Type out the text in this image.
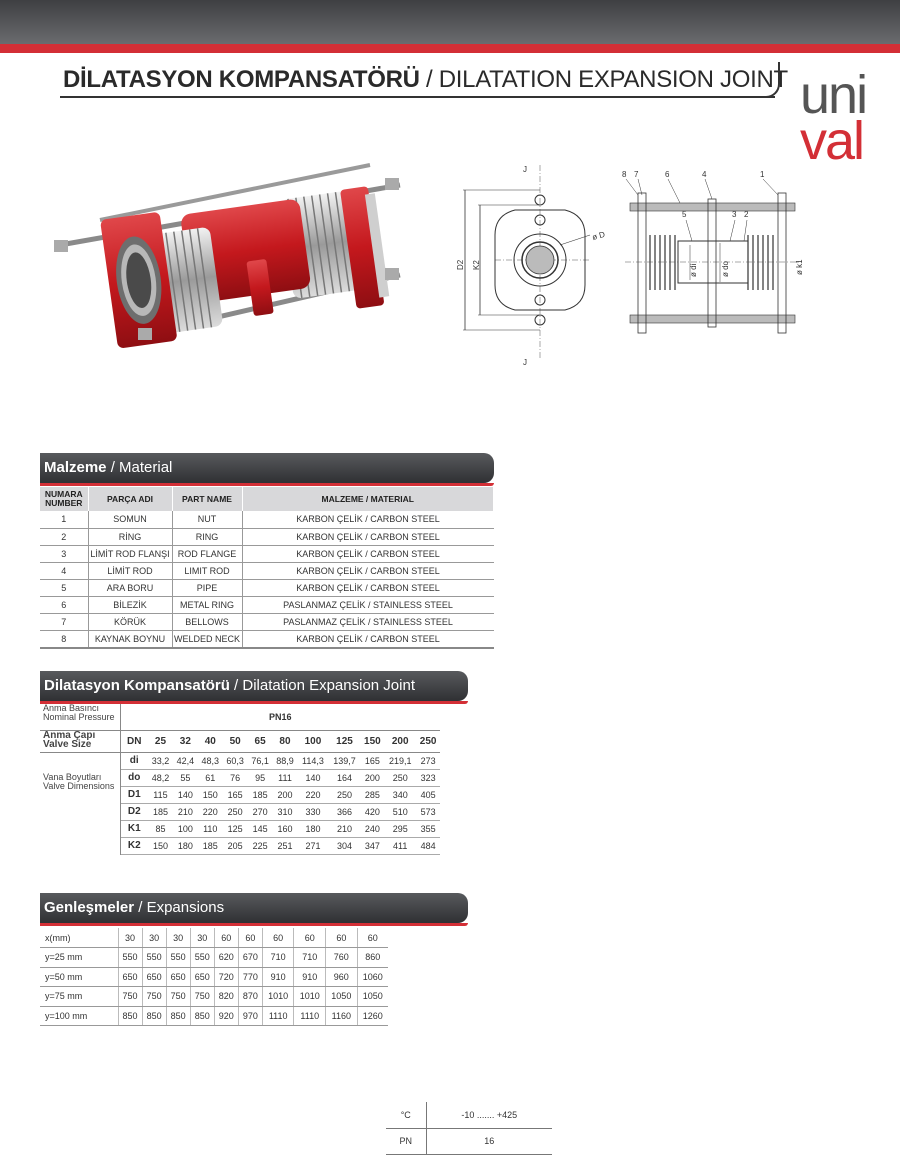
DİLATASYON KOMPANSATÖRÜ / DILATATION EXPANSION JOINT uni
val
ø D
D2 K2
J
J
ø di	ø do	ø k1
8 7	6	4	1
5	3 2
Malzeme / Material
NUMARA
NUMBER	PARÇA ADI	PART NAME	MALZEME / MATERIAL
1	SOMUN	NUT	KARBON ÇELİK / CARBON STEEL
2	RİNG	RING	KARBON ÇELİK / CARBON STEEL
3	LİMİT ROD FLANŞI	ROD FLANGE	KARBON ÇELİK / CARBON STEEL
4	LİMİT ROD	LIMIT ROD	KARBON ÇELİK / CARBON STEEL
5	ARA BORU	PIPE	KARBON ÇELİK / CARBON STEEL
6	BİLEZİK	METAL RING	PASLANMAZ ÇELİK / STAINLESS STEEL
7	KÖRÜK	BELLOWS	PASLANMAZ ÇELİK / STAINLESS STEEL
8	KAYNAK BOYNU	WELDED NECK	KARBON ÇELİK / CARBON STEEL
Dilatasyon Kompansatörü / Dilatation Expansion Joint
Anma Basıncı
Nominal Pressure	PN16											
Anma Çapı
Valve Size	DN	25	32	40	50	65	80	100	125	150	200	250
Vana Boyutları
Valve Dimensions	di	33,2	42,4	48,3	60,3	76,1	88,9	114,3	139,7	165	219,1	273
	do	48,2	55	61	76	95	111	140	164	200	250	323
	D1	115	140	150	165	185	200	220	250	285	340	405
	D2	185	210	220	250	270	310	330	366	420	510	573
	K1	85	100	110	125	145	160	180	210	240	295	355
	K2	150	180	185	205	225	251	271	304	347	411	484
Genleşmeler / Expansions
x(mm)	30	30	30	30	60	60	60	60	60	60
y=25 mm	550	550	550	550	620	670	710	710	760	860
y=50 mm	650	650	650	650	720	770	910	910	960	1060
y=75 mm	750	750	750	750	820	870	1010	1010	1050	1050
y=100 mm	850	850	850	850	920	970	1110	1110	1160	1260
°C	-10 ....... +425
PN	16
